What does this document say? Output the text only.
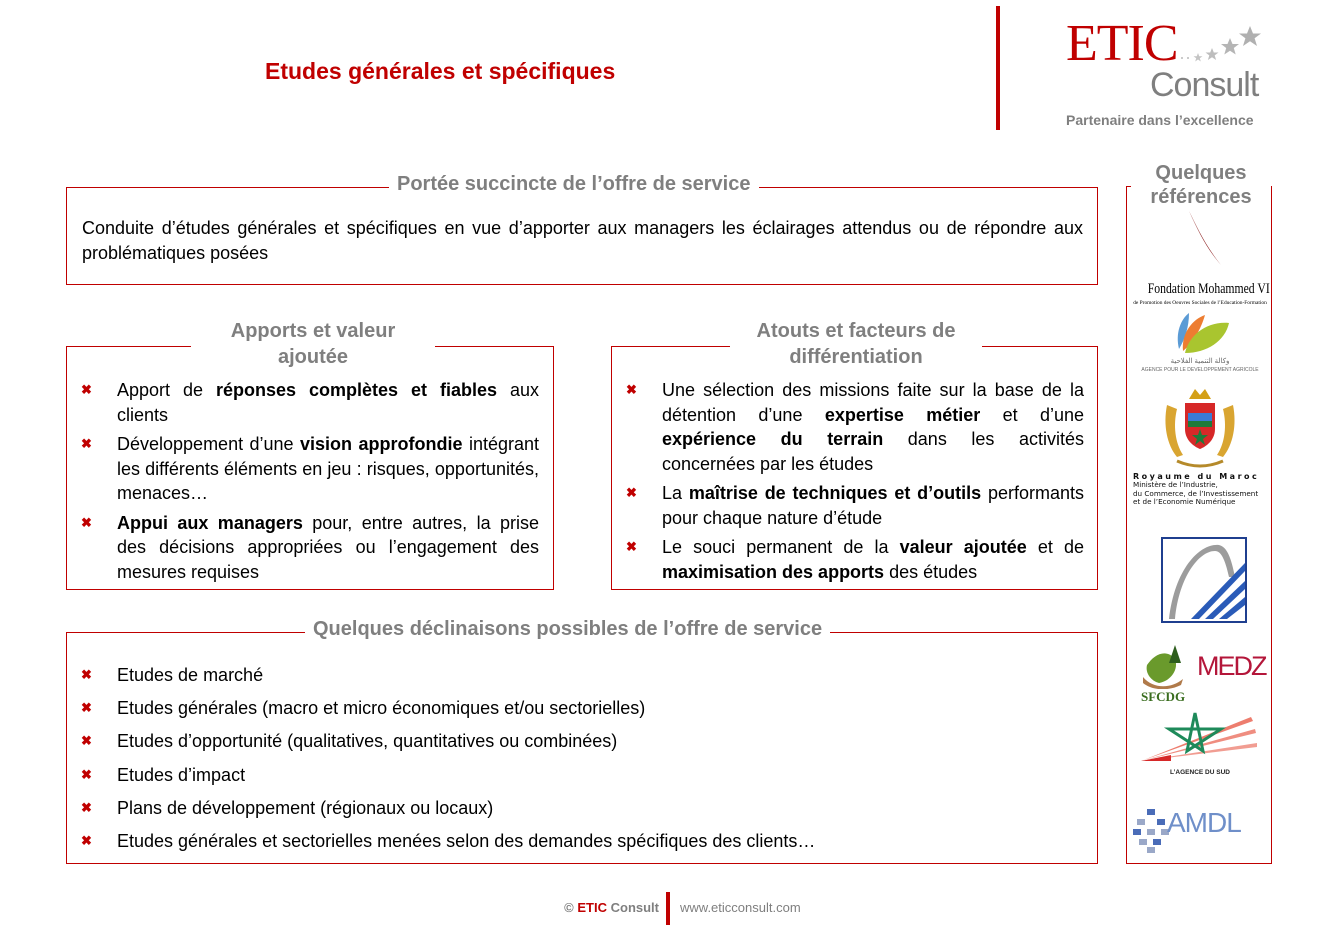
Etudes générales et spécifiques	ETIC
Consult
Partenaire dans l’excellence
Portée succincte de l’offre de service

Conduite d’études générales et spécifiques en vue d’apporter aux managers les éclairages attendus ou de répondre aux problématiques posées

Apports et valeur ajoutée
✖ Apport de réponses complètes et fiables aux clients
✖ Développement d’une vision approfondie intégrant les différents éléments en jeu : risques, opportunités, menaces…
✖ Appui aux managers pour, entre autres, la prise des décisions appropriées ou l’engagement des mesures requises
Atouts et facteurs de différentiation
✖ Une sélection des missions faite sur la base de la détention d’une expertise métier et d’une expérience du terrain dans les activités concernées par les études
✖ La maîtrise de techniques et d’outils performants pour chaque nature d’étude
✖ Le souci permanent de la valeur ajoutée et de maximisation des apports des études
Quelques déclinaisons possibles de l’offre de service
✖ Etudes de marché
✖ Etudes générales (macro et micro économiques et/ou sectorielles)
✖ Etudes d’opportunité (qualitatives, quantitatives ou combinées)
✖ Etudes d’impact
✖ Plans de développement (régionaux ou locaux)
✖ Etudes générales et sectorielles menées selon des demandes spécifiques des clients…
Quelques références
Fondation Mohammed VI
de Promotion des Oeuvres Sociales de l’Education-Formation
وكالة التنمية الفلاحية
AGENCE POUR LE DEVELOPPEMENT AGRICOLE
Royaume du Maroc
Ministère de l’Industrie,
du Commerce, de l’Investissement
et de l’Economie Numérique
SFCDG
MEDZ
L’AGENCE DU SUD
AMDL
© ETIC Consult www.eticconsult.com
